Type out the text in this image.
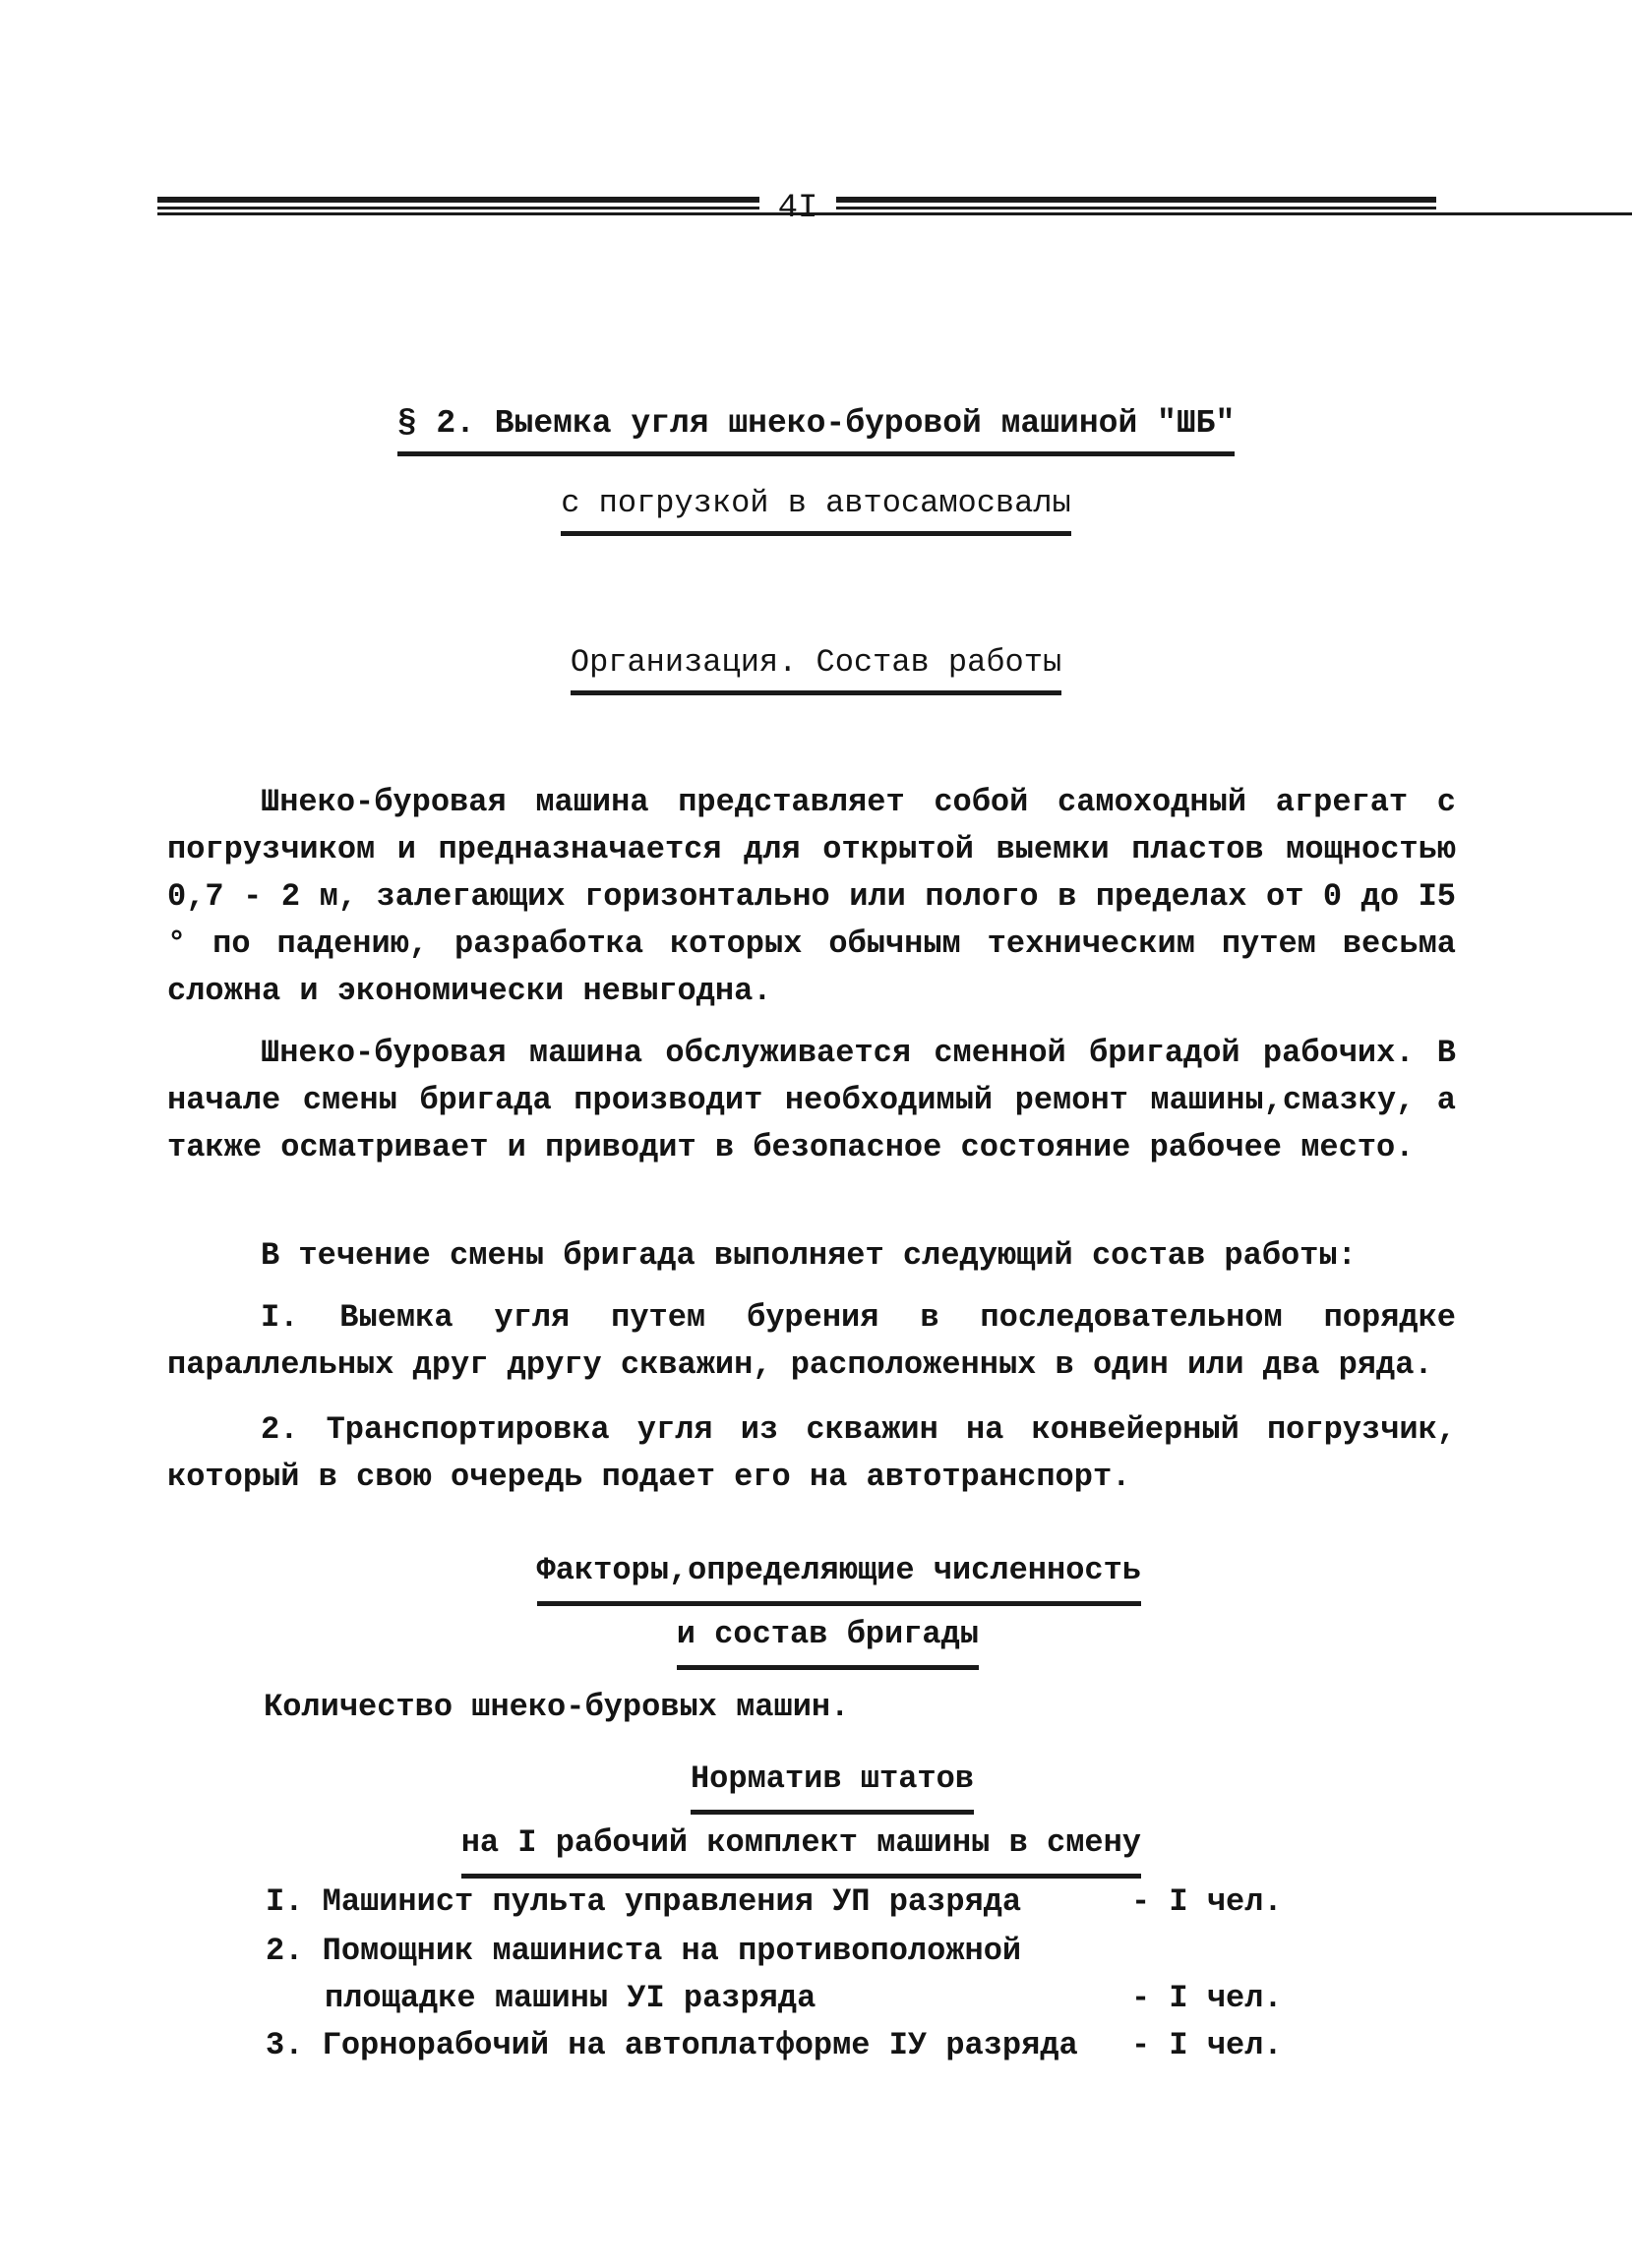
4I
§ 2. Выемка угля шнеко-буровой машиной "ШБ"
с погрузкой в автосамосвалы
Организация. Состав работы

Шнеко-буровая машина представляет собой самоходный агрегат с погрузчиком и предназначается для открытой выемки пластов мощностью 0,7 - 2 м, залегающих горизонтально или полого в пределах от 0 до I5 ° по падению, разработка которых обычным техническим путем весьма сложна и экономически невыгодна.

Шнеко-буровая машина обслуживается сменной бригадой рабочих. В начале смены бригада производит необходимый ремонт машины,смазку, а также осматривает и приводит в безопасное состояние рабочее место.

В течение смены бригада выполняет следующий состав работы:

I. Выемка угля путем бурения в последовательном порядке параллельных друг другу скважин, расположенных в один или два ряда.

2. Транспортировка угля из скважин на конвейерный погрузчик, который в свою очередь подает его на автотранспорт.

Факторы,определяющие численность
и состав бригады

Количество шнеко-буровых машин.

Норматив штатов
на I рабочий комплект машины в смену
I. Машинист пульта управления УП разряда	- I чел.
2. Помощник машиниста на противоположной
площадке машины УI разряда	- I чел.
3. Горнорабочий на автоплатформе IУ разряда - I чел.
